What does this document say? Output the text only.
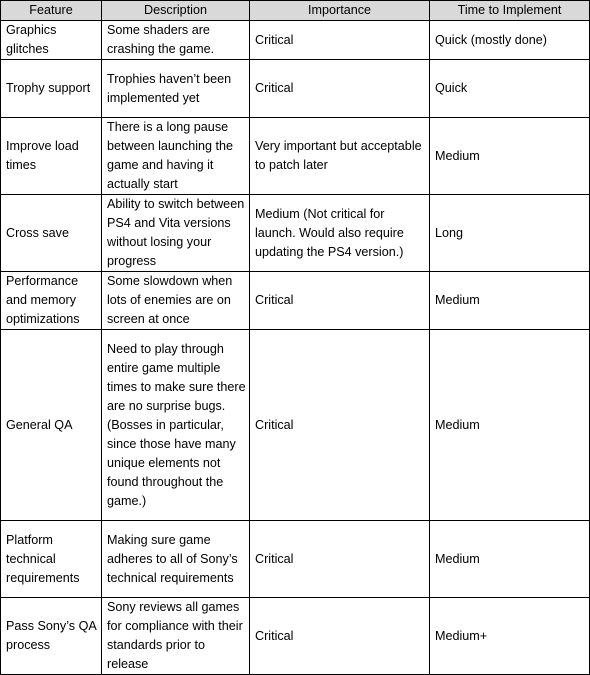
Feature	Description	Importance	Time to Implement
Graphics glitches	Some shaders are crashing the game.	Critical	Quick (mostly done)
Trophy support	Trophies haven’t been implemented yet	Critical	Quick
Improve load times	There is a long pause between launching the game and having it actually start	Very important but acceptable to patch later	Medium
Cross save	Ability to switch between PS4 and Vita versions without losing your progress	Medium (Not critical for launch. Would also require updating the PS4 version.)	Long
Performance and memory optimizations	Some slowdown when lots of enemies are on screen at once	Critical	Medium
General QA	Need to play through entire game multiple times to make sure there are no surprise bugs. (Bosses in particular, since those have many unique elements not found throughout the game.)	Critical	Medium
Platform technical requirements	Making sure game adheres to all of Sony’s technical requirements	Critical	Medium
Pass Sony’s QA process	Sony reviews all games for compliance with their standards prior to release	Critical	Medium+
